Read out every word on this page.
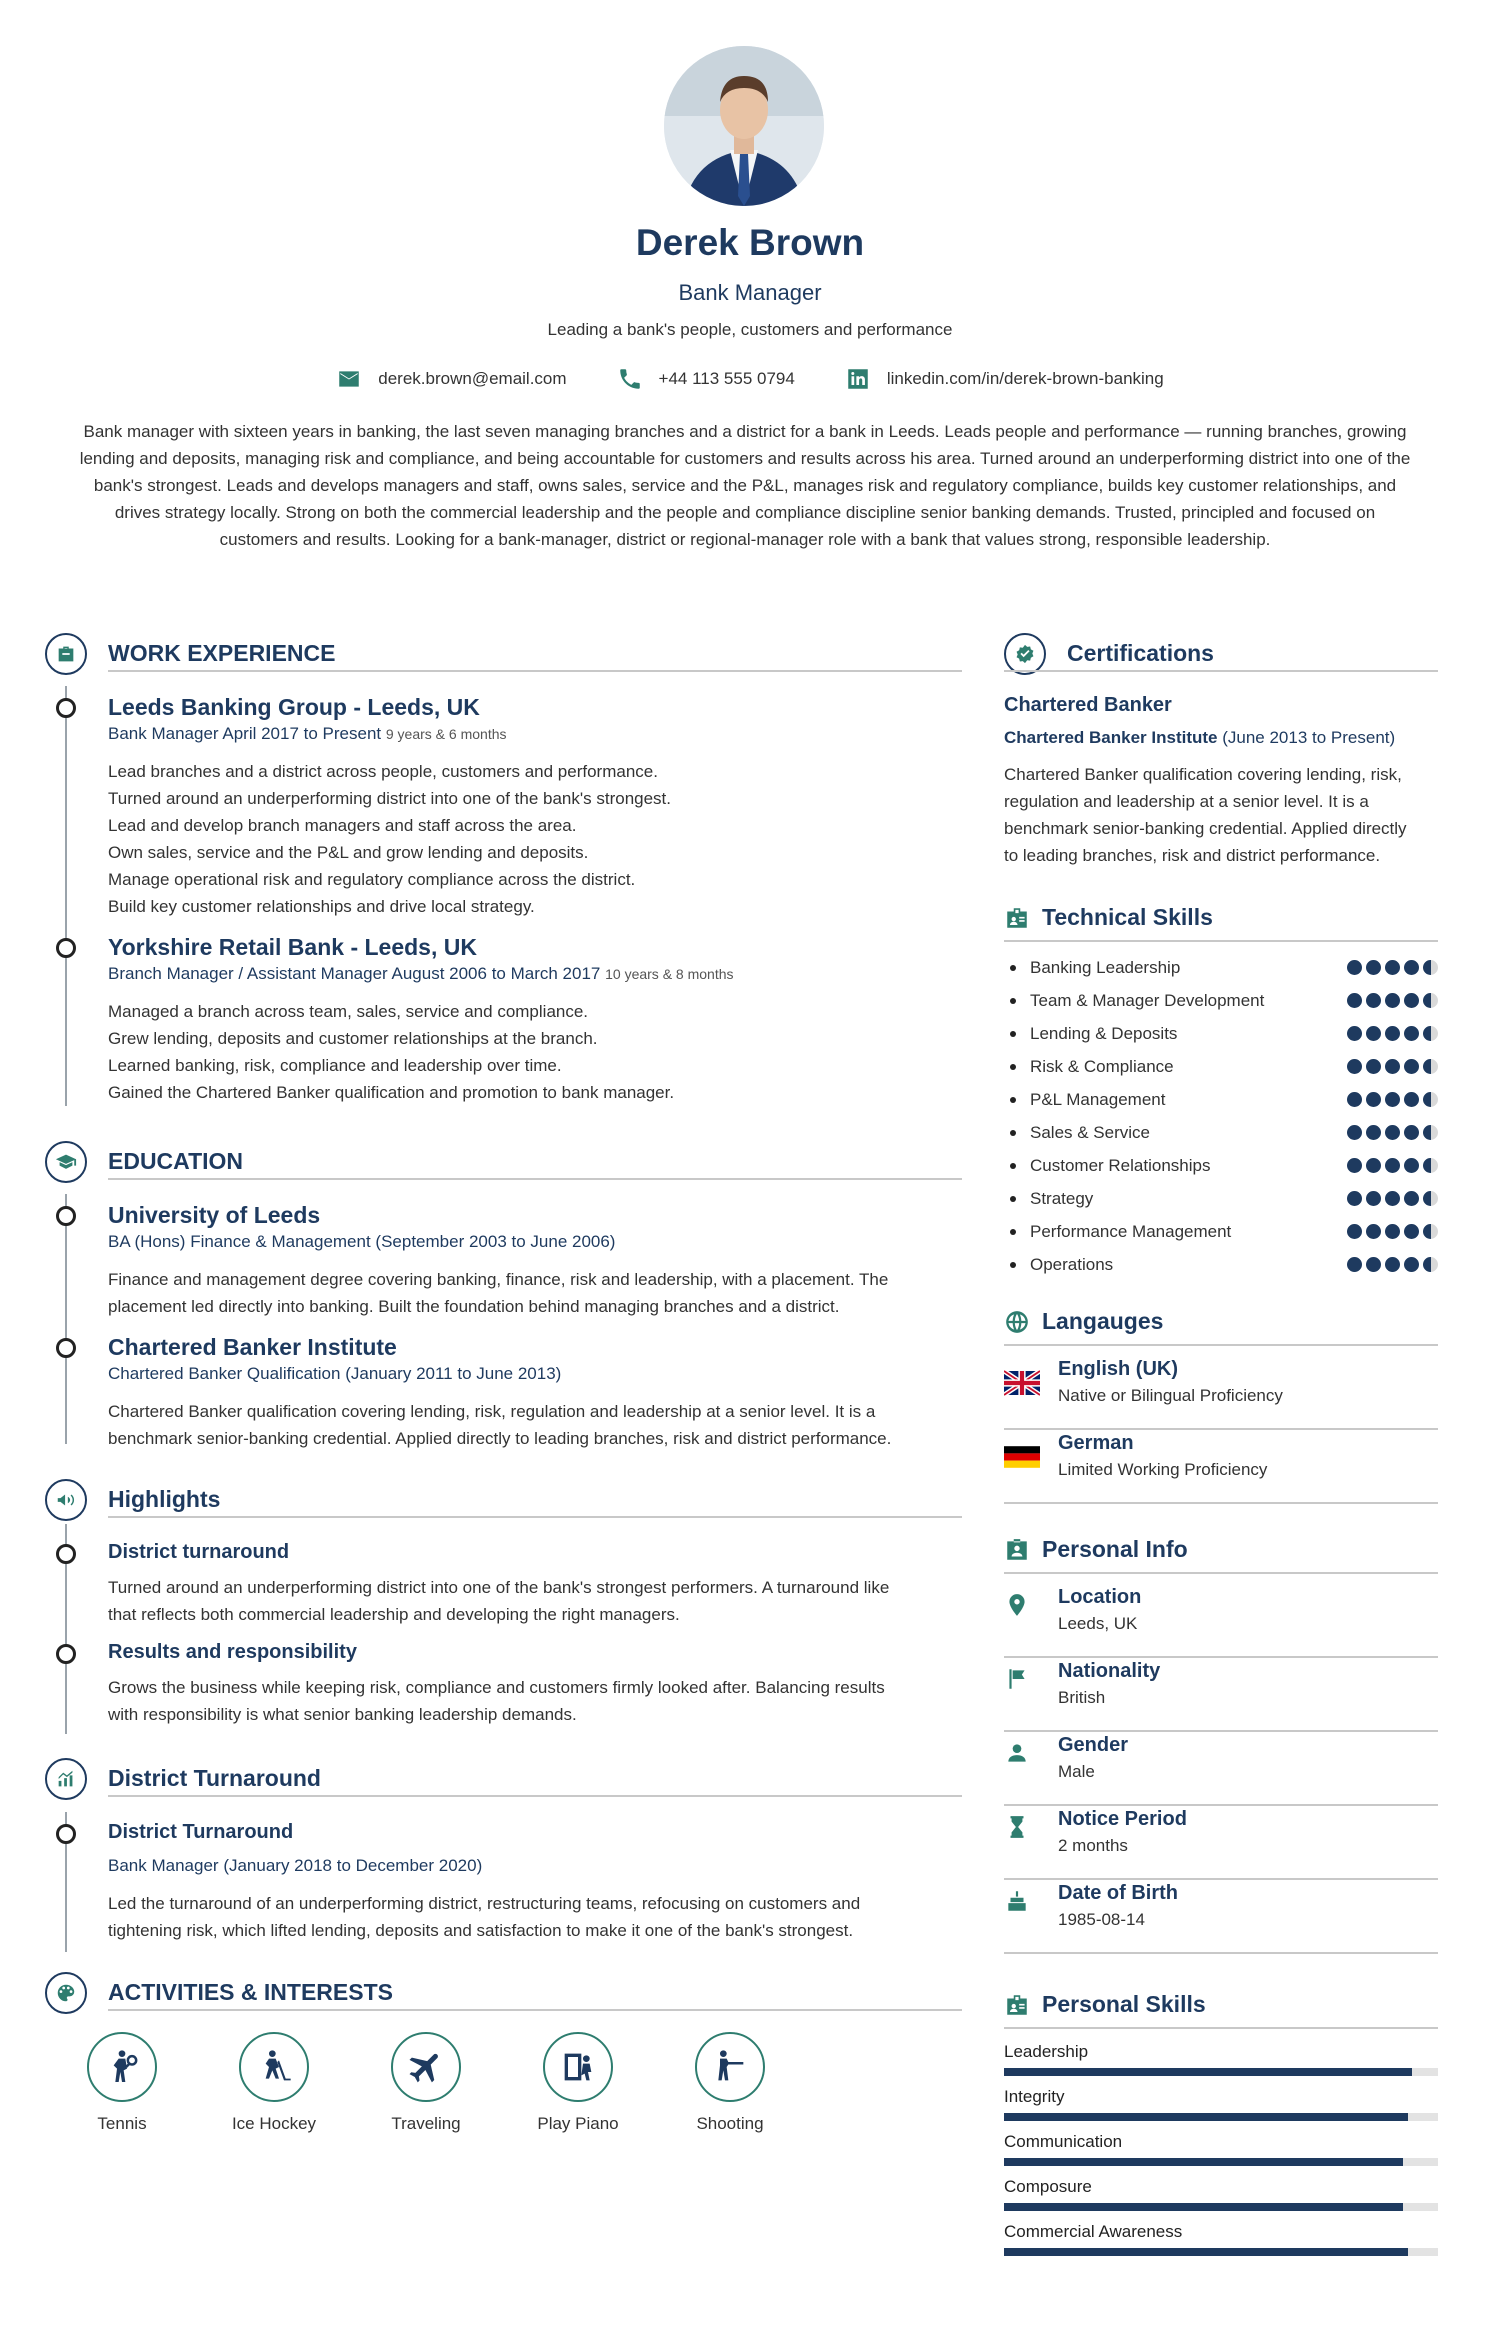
Derek Brown
Bank Manager
Leading a bank's people, customers and performance
derek.brown@email.com	+44 113 555 0794	linkedin.com/in/derek-brown-banking
Bank manager with sixteen years in banking, the last seven managing branches and a district for a bank in Leeds. Leads people and performance — running branches, growing lending and deposits, managing risk and compliance, and being accountable for customers and results across his area. Turned around an underperforming district into one of the bank's strongest. Leads and develops managers and staff, owns sales, service and the P&L, manages risk and regulatory compliance, builds key customer relationships, and drives strategy locally. Strong on both the commercial leadership and the people and compliance discipline senior banking demands. Trusted, principled and focused on customers and results. Looking for a bank-manager, district or regional-manager role with a bank that values strong, responsible leadership.
WORK EXPERIENCE
Leeds Banking Group - Leeds, UK
Bank Manager April 2017 to Present 9 years & 6 months
Lead branches and a district across people, customers and performance.
Turned around an underperforming district into one of the bank's strongest.
Lead and develop branch managers and staff across the area.
Own sales, service and the P&L and grow lending and deposits.
Manage operational risk and regulatory compliance across the district.
Build key customer relationships and drive local strategy.
Yorkshire Retail Bank - Leeds, UK
Branch Manager / Assistant Manager August 2006 to March 2017 10 years & 8 months
Managed a branch across team, sales, service and compliance.
Grew lending, deposits and customer relationships at the branch.
Learned banking, risk, compliance and leadership over time.
Gained the Chartered Banker qualification and promotion to bank manager.
EDUCATION
University of Leeds
BA (Hons) Finance & Management (September 2003 to June 2006)
Finance and management degree covering banking, finance, risk and leadership, with a placement. The
placement led directly into banking. Built the foundation behind managing branches and a district.
Chartered Banker Institute
Chartered Banker Qualification (January 2011 to June 2013)
Chartered Banker qualification covering lending, risk, regulation and leadership at a senior level. It is a
benchmark senior-banking credential. Applied directly to leading branches, risk and district performance.
Highlights
District turnaround
Turned around an underperforming district into one of the bank's strongest performers. A turnaround like
that reflects both commercial leadership and developing the right managers.
Results and responsibility
Grows the business while keeping risk, compliance and customers firmly looked after. Balancing results
with responsibility is what senior banking leadership demands.
District Turnaround
District Turnaround
Bank Manager (January 2018 to December 2020)
Led the turnaround of an underperforming district, restructuring teams, refocusing on customers and
tightening risk, which lifted lending, deposits and satisfaction to make it one of the bank's strongest.
ACTIVITIES & INTERESTS
Tennis	Ice Hockey	Traveling	Play Piano	Shooting
Certifications
Chartered Banker
Chartered Banker Institute (June 2013 to Present)
Chartered Banker qualification covering lending, risk,
regulation and leadership at a senior level. It is a
benchmark senior-banking credential. Applied directly
to leading branches, risk and district performance.
Technical Skills
Banking Leadership
Team & Manager Development
Lending & Deposits
Risk & Compliance
P&L Management
Sales & Service
Customer Relationships
Strategy
Performance Management
Operations
Langauges
English (UK)
Native or Bilingual Proficiency
German
Limited Working Proficiency
Personal Info
Location
Leeds, UK
Nationality
British
Gender
Male
Notice Period
2 months
Date of Birth
1985-08-14
Personal Skills
Leadership
Integrity
Communication
Composure
Commercial Awareness
